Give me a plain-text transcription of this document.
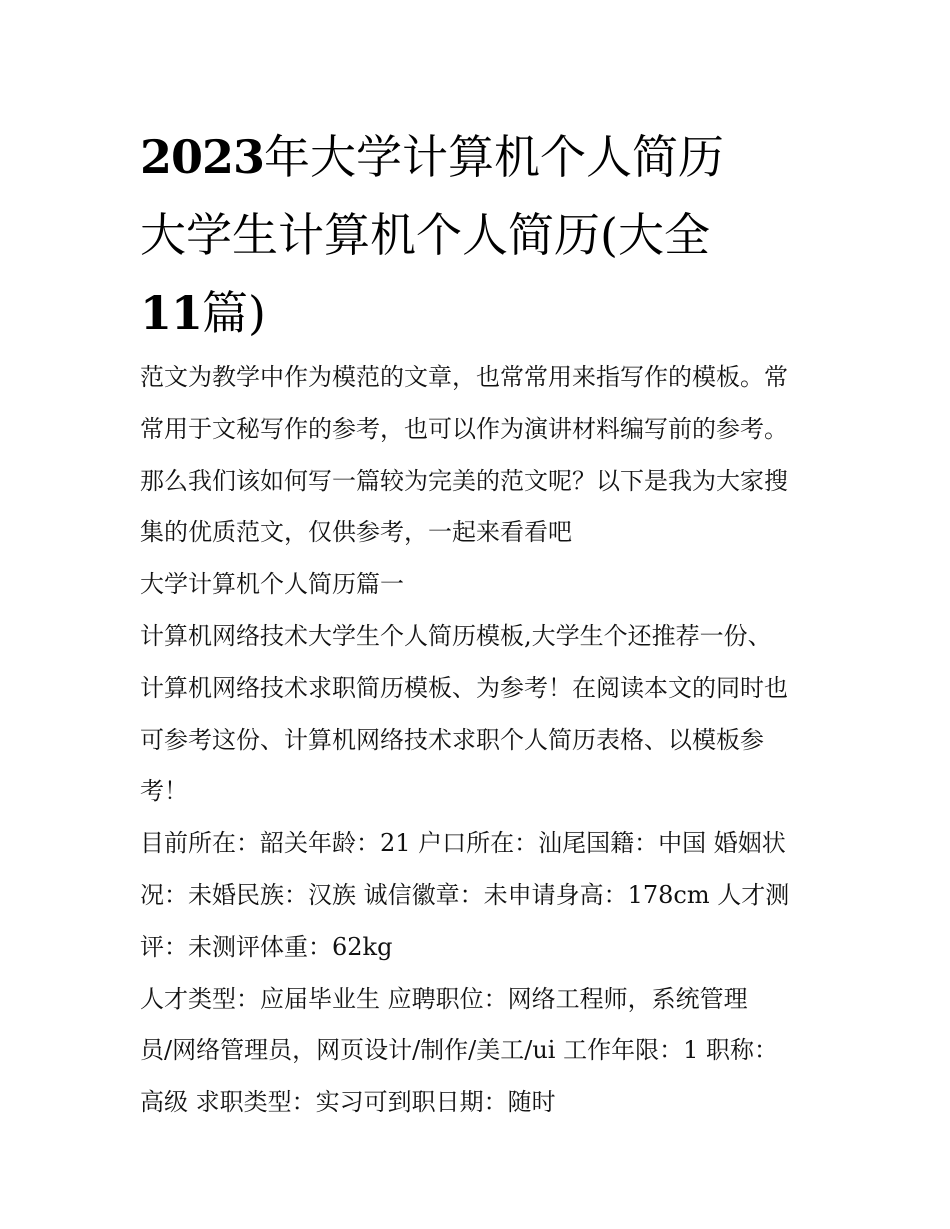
2023年大学计算机个人简历
大学生计算机个人简历(大全
11篇)
范文为教学中作为模范的文章，也常常用来指写作的模板。常
常用于文秘写作的参考，也可以作为演讲材料编写前的参考。
那么我们该如何写一篇较为完美的范文呢？以下是我为大家搜
集的优质范文，仅供参考，一起来看看吧
大学计算机个人简历篇一
计算机网络技术大学生个人简历模板,大学生个还推荐一份、
计算机网络技术求职简历模板、为参考！在阅读本文的同时也
可参考这份、计算机网络技术求职个人简历表格、以模板参
考！
目前所在：韶关年龄：21 户口所在：汕尾国籍：中国 婚姻状
况：未婚民族：汉族 诚信徽章：未申请身高：178cm 人才测
评：未测评体重：62kg
人才类型：应届毕业生 应聘职位：网络工程师，系统管理
员/网络管理员，网页设计/制作/美工/ui 工作年限：1 职称：
高级 求职类型：实习可到职日期：随时
